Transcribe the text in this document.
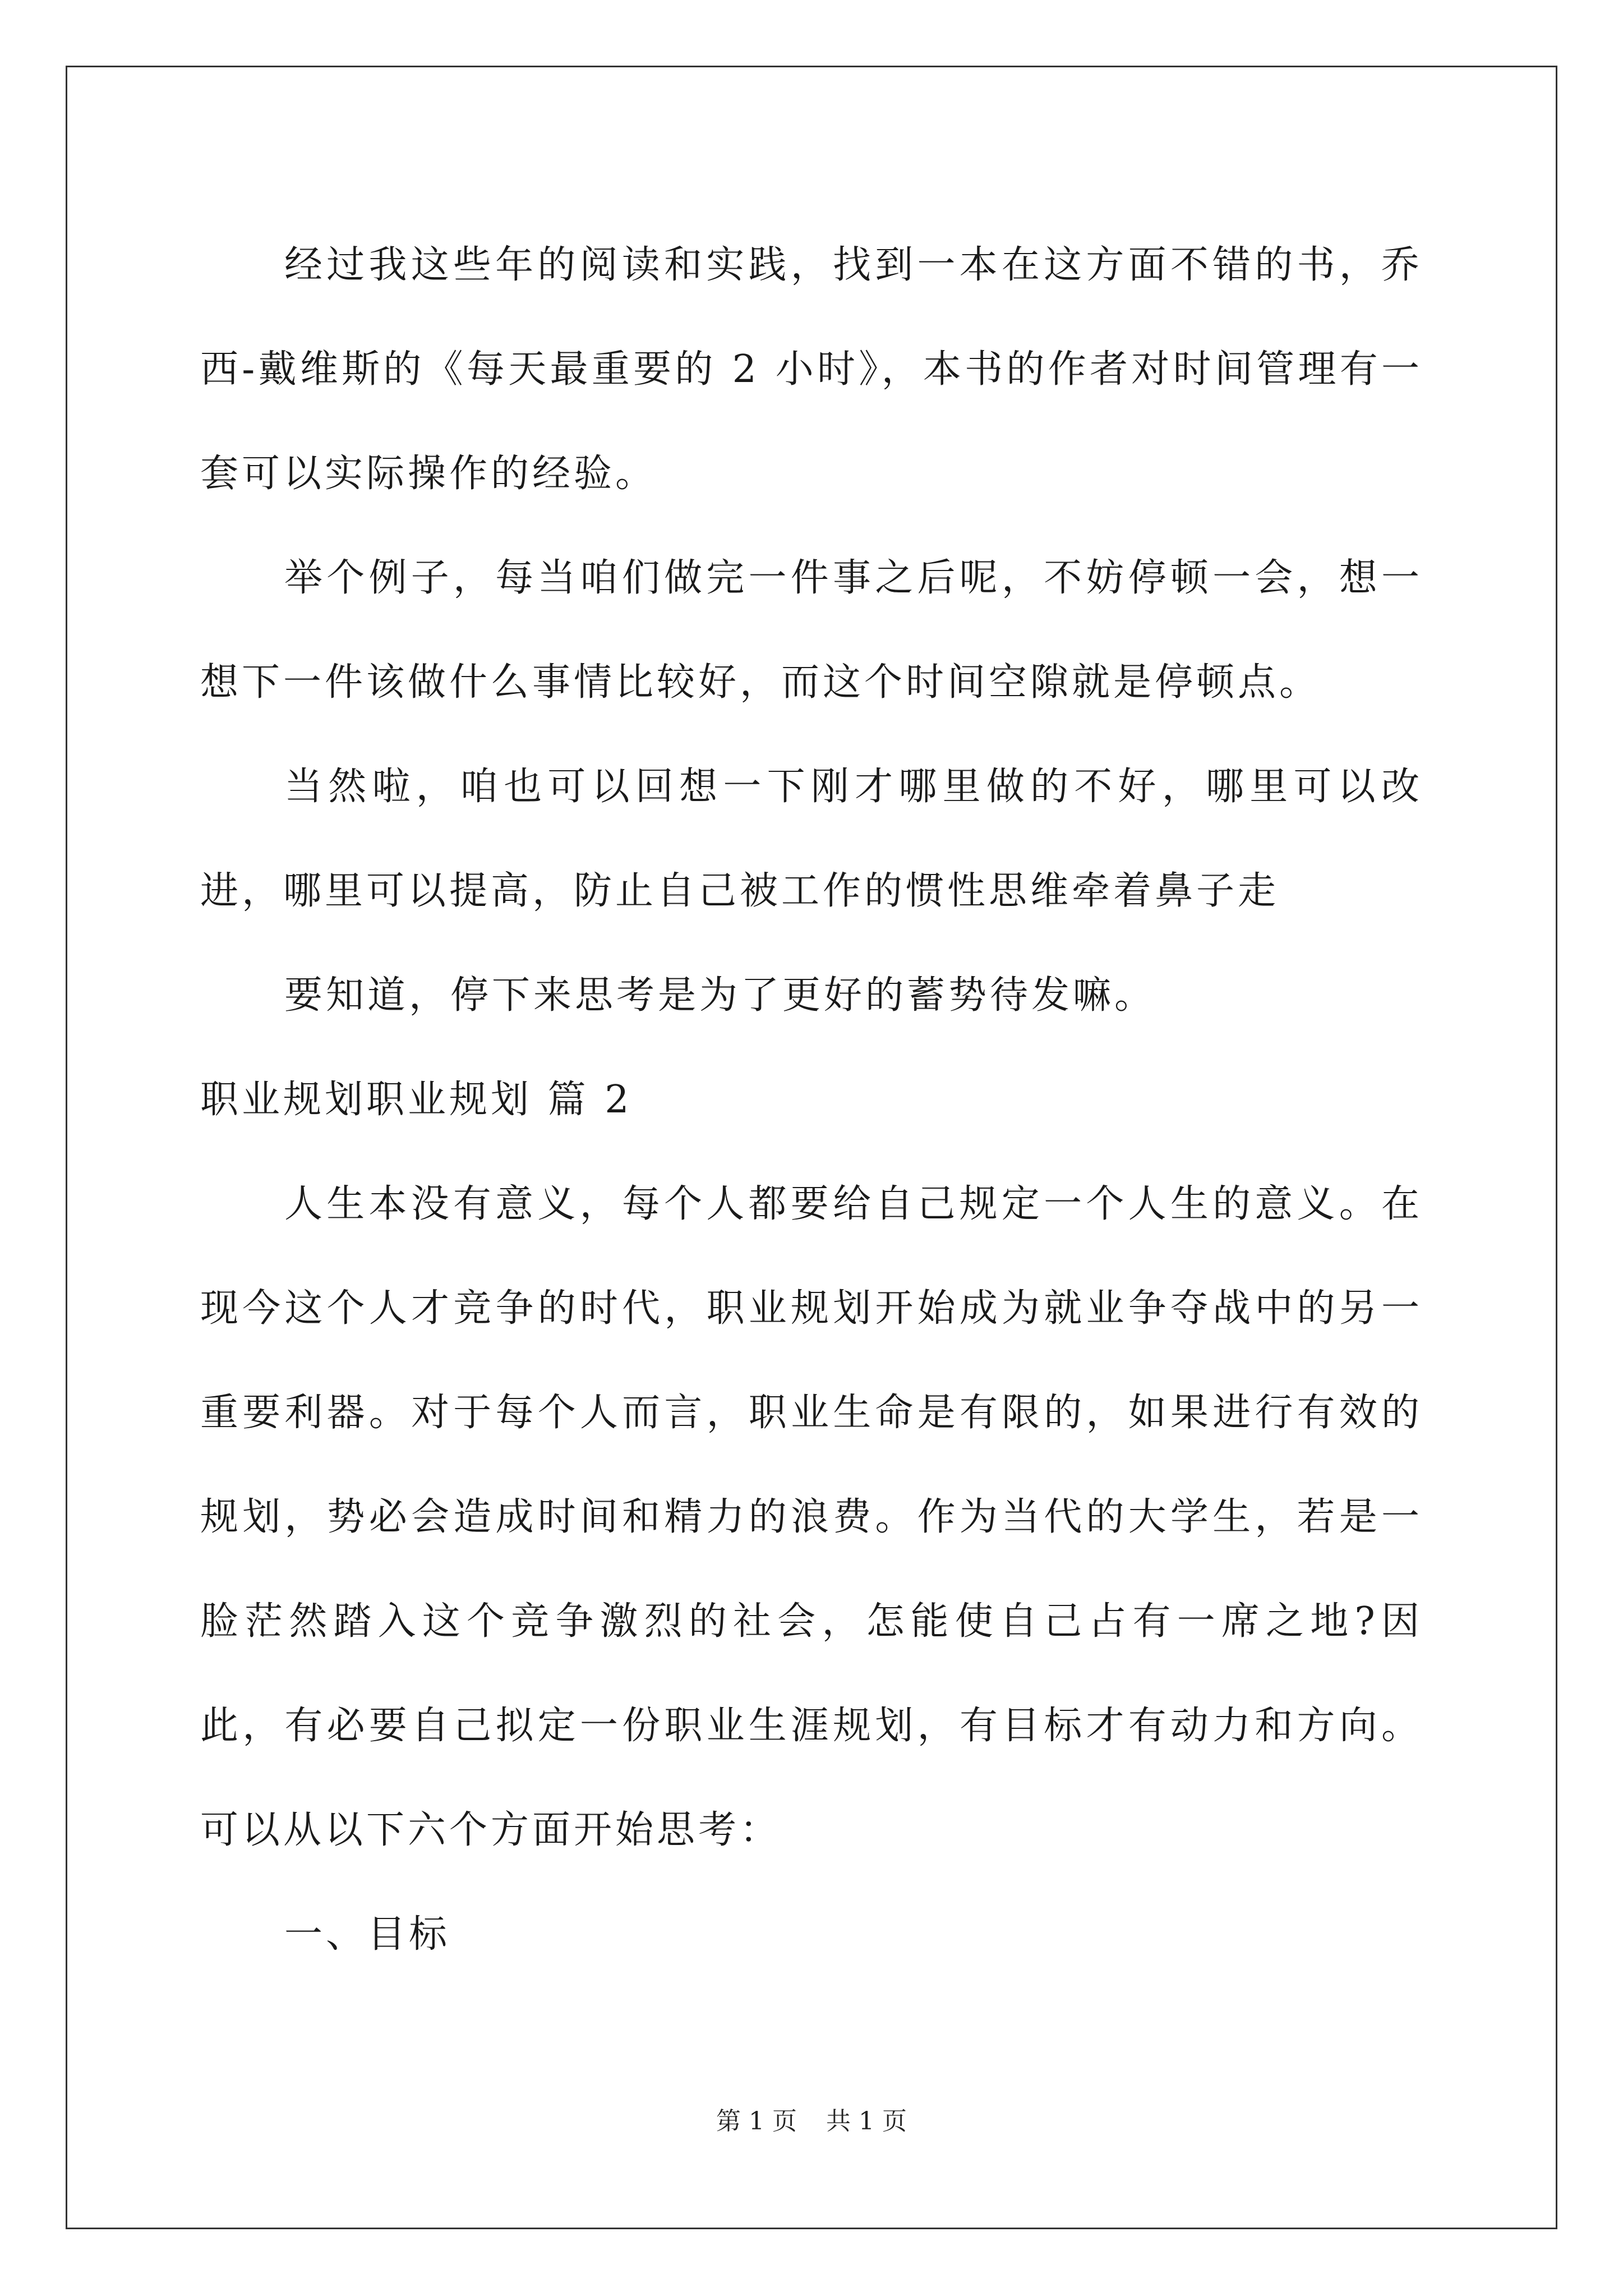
经过我这些年的阅读和实践，找到一本在这方面不错的书，乔西-戴维斯的《每天最重要的 2 小时》，本书的作者对时间管理有一套可以实际操作的经验。

举个例子，每当咱们做完一件事之后呢，不妨停顿一会，想一想下一件该做什么事情比较好，而这个时间空隙就是停顿点。

当然啦，咱也可以回想一下刚才哪里做的不好，哪里可以改进，哪里可以提高，防止自己被工作的惯性思维牵着鼻子走

要知道，停下来思考是为了更好的蓄势待发嘛。

职业规划职业规划 篇 2

人生本没有意义，每个人都要给自己规定一个人生的意义。在现今这个人才竞争的时代，职业规划开始成为就业争夺战中的另一重要利器。对于每个人而言，职业生命是有限的，如果进行有效的规划，势必会造成时间和精力的浪费。作为当代的大学生，若是一脸茫然踏入这个竞争激烈的社会，怎能使自己占有一席之地?因此，有必要自己拟定一份职业生涯规划，有目标才有动力和方向。可以从以下六个方面开始思考：

一、目标

第 1 页 共 1 页
